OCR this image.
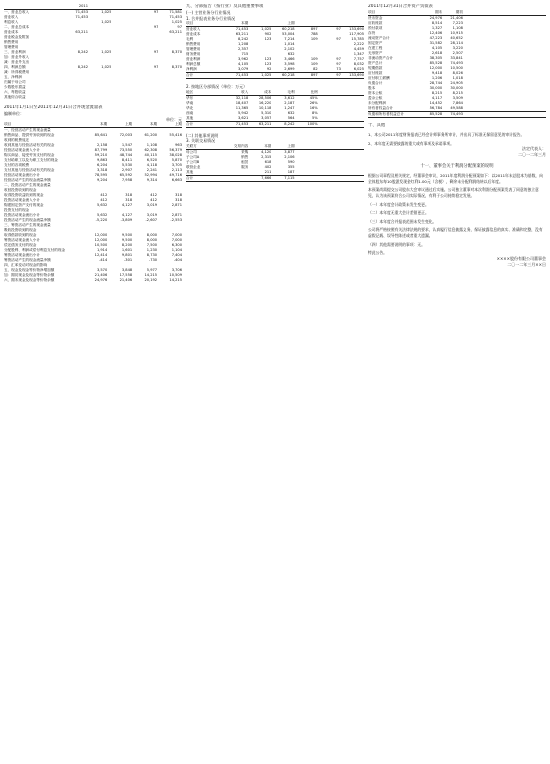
	2011				
一、营业总收入	71,453	1,025		97	71,581
营业收入	71,453				71,453
利息收入		1,025			1,025
二、营业总成本				97	97
营业成本	63,211				63,211
营业税金及附加					
销售费用					
管理费用					
三、营业利润	8,242	1,025		97	8,370
加：营业外收入					
减：营业外支出					
四、利润总额	8,242	1,025		97	8,370
减：所得税费用					
五、净利润					
归属于母公司					
少数股东损益					
六、每股收益					
其他综合收益					
2011年1月1日至2011年12月31日合并现金流量表
编制单位：
单位：元
项目	本期	上期	本期	上期
一、经营活动产生的现金流量				
销售商品、提供劳务收到的现金	85,641	72,003	61,200	55,416
收到的税费返还				
收到其他与经营活动有关的现金	2,158	1,547	1,108	963
经营活动现金流入小计	87,799	73,550	62,308	56,379
购买商品、接受劳务支付的现金	59,210	48,744	40,115	38,028
支付给职工以及为职工支付的现金	9,863	8,411	6,520	5,870
支付的各项税费	6,204	5,530	4,118	3,705
支付其他与经营活动有关的现金	3,318	2,907	2,241	2,113
经营活动现金流出小计	78,595	65,592	52,994	49,716
经营活动产生的现金流量净额	9,204	7,958	9,314	6,663
二、投资活动产生的现金流量				
收回投资收到的现金				
取得投资收益收到的现金	412	318	412	318
投资活动现金流入小计	412	318	412	318
购建固定资产支付的现金	5,632	4,127	3,019	2,871
投资支付的现金				
投资活动现金流出小计	5,632	4,127	3,019	2,871
投资活动产生的现金流量净额	-5,220	-3,809	-2,607	-2,553
三、筹资活动产生的现金流量				
吸收投资收到的现金				
取得借款收到的现金	12,000	9,500	8,000	7,000
筹资活动现金流入小计	12,000	9,500	8,000	7,000
偿还债务支付的现金	10,500	8,200	7,500	6,300
分配股利、利润或偿付利息支付的现金	1,914	1,601	1,230	1,104
筹资活动现金流出小计	12,414	9,801	8,730	7,404
筹资活动产生的现金流量净额	-414	-301	-730	-404
四、汇率变动对现金的影响				
五、现金及现金等价物净增加额	3,570	3,848	5,977	3,706
加：期初现金及现金等价物余额	21,406	17,558	14,215	10,509
六、期末现金及现金等价物余额	24,976	21,406	20,192	14,215
九、分部报告（按行业）及其他重要事项
(一) 主营业务分行业情况
1. 合并报表业务分行业情况
项目	本期		上期			
营业收入	71,453	1,025	60,218	897	97	133,690
营业成本	63,211	902	53,004	788		117,905
毛利	8,242	123	7,214	109	97	15,785
销售费用	1,208		1,014			2,222
管理费用	2,357		2,102			4,459
财务费用	715		632			1,347
营业利润	3,962	123	3,466	109	97	7,757
利润总额	4,105	123	3,598	109	97	8,032
净利润	3,079	92	2,699	82	73	6,025
合计	71,453	1,025	60,218	897	97	133,690
2. 按地区分部情况（单位：万元）
地区	收入	成本	毛利	比例		
华东	32,118	28,506	3,612	45%		
华南	18,407	16,220	2,187	26%		
华北	11,365	10,118	1,247	16%		
西南	5,942	5,310	632	8%		
其他	3,621	3,057	564	5%		
合计	71,453	63,211	8,242	100%		
(二) 其他事项说明
3. 关联交易情况
关联方	交易内容	本期	上期			
母公司	采购	4,120	3,877			
子公司A	销售	2,315	2,106			
子公司B	租赁	618	590			
联营企业	服务	402	355			
其他		211	187			
合计		7,666	7,115			
2011年12月31日合并资产负债表
项目	期末	期初				
货币资金	24,976	21,406				
应收账款	8,514	7,223				
预付款项	1,327	1,108				
存货	12,406	10,915				
流动资产合计	47,223	40,652				
固定资产	31,582	28,114				
在建工程	4,105	3,220				
无形资产	2,618	2,507				
非流动资产合计	38,305	33,841				
资产总计	85,528	74,493				
短期借款	12,000	10,500				
应付账款	9,418	8,026				
应付职工薪酬	1,206	1,018				
负债合计	28,744	24,905				
股本	30,000	30,000				
资本公积	8,215	8,215				
盈余公积	4,117	3,509				
未分配利润	14,452	7,864				
所有者权益合计	56,784	49,588				
负债和所有者权益总计	85,528	74,493				
十、其他
1、本公司2011年度财务报表已经会计师事务所审计，并出具了标准无保留意见的审计报告。
2、本年度无需要披露的重大或有事项及承诺事项。
法定代表人：
二〇一二年三月
十一、董事会关于利润分配预案的说明
根据公司章程及相关规定，经董事会审议，2011年度利润分配预案如下：以2011年末总股本为基数，向全体股东每10股派发现金红利1.00元（含税），剩余未分配利润结转以后年度。
本预案尚需提交公司股东大会审议通过后实施。公司独立董事对本次利润分配预案发表了同意的独立意见，认为该预案符合公司实际情况，有利于公司持续稳定发展。
（一）本年度会计政策未发生变更。
（二）本年度无重大会计差错更正。
（三）本年度合并报表范围未发生变化。
公司将严格按照有关法律法规的要求，认真履行信息披露义务，保证披露信息的真实、准确和完整，没有虚假记载、误导性陈述或者重大遗漏。
（四）其他需要说明的事项：无。
特此公告。
××××股份有限公司董事会
二〇一二年三月××日
